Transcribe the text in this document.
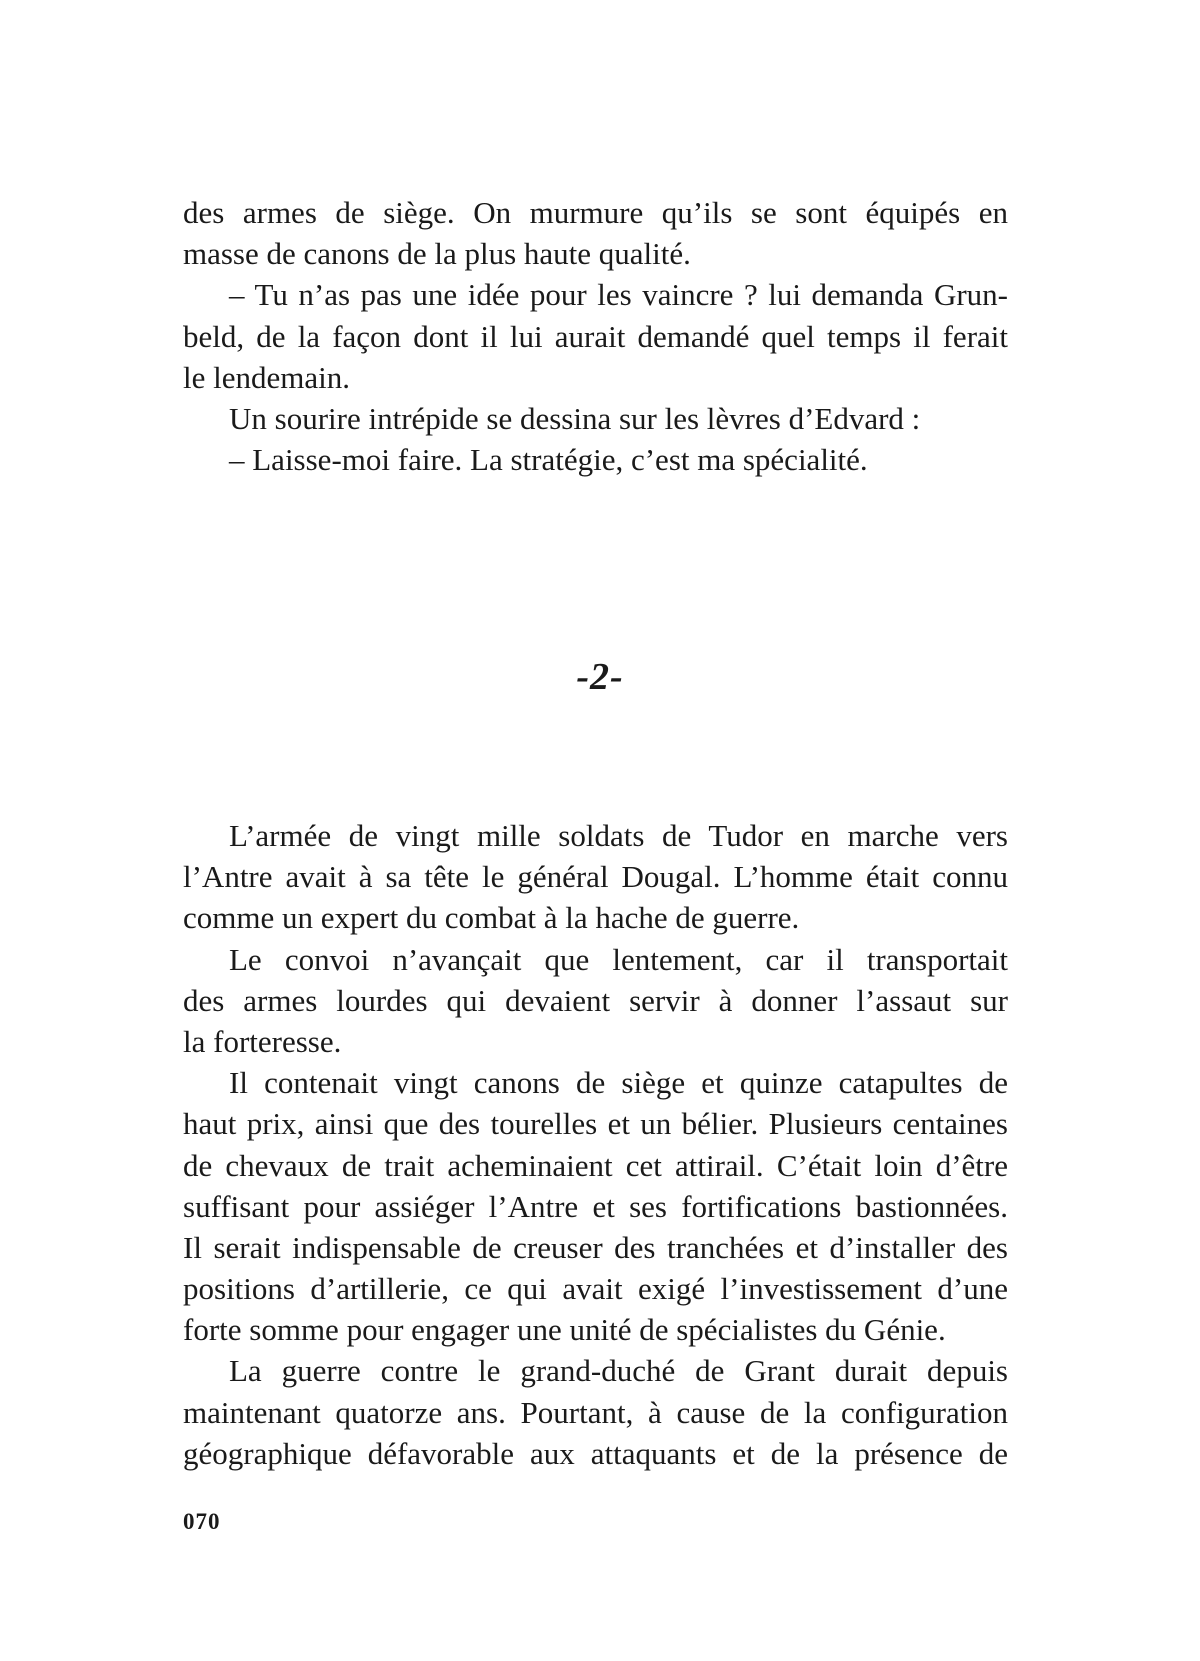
des armes de siège. On murmure qu’ils se sont équipés en
masse de canons de la plus haute qualité.
– Tu n’as pas une idée pour les vaincre ? lui demanda Grun-
beld, de la façon dont il lui aurait demandé quel temps il ferait
le lendemain.
Un sourire intrépide se dessina sur les lèvres d’Edvard :
– Laisse-moi faire. La stratégie, c’est ma spécialité.
-2-
L’armée de vingt mille soldats de Tudor en marche vers
l’Antre avait à sa tête le général Dougal. L’homme était connu
comme un expert du combat à la hache de guerre.
Le convoi n’avançait que lentement, car il transportait
des armes lourdes qui devaient servir à donner l’assaut sur
la forteresse.
Il contenait vingt canons de siège et quinze catapultes de
haut prix, ainsi que des tourelles et un bélier. Plusieurs centaines
de chevaux de trait acheminaient cet attirail. C’était loin d’être
suffisant pour assiéger l’Antre et ses fortifications bastionnées.
Il serait indispensable de creuser des tranchées et d’installer des
positions d’artillerie, ce qui avait exigé l’investissement d’une
forte somme pour engager une unité de spécialistes du Génie.
La guerre contre le grand-duché de Grant durait depuis
maintenant quatorze ans. Pourtant, à cause de la configuration
géographique défavorable aux attaquants et de la présence de
070
